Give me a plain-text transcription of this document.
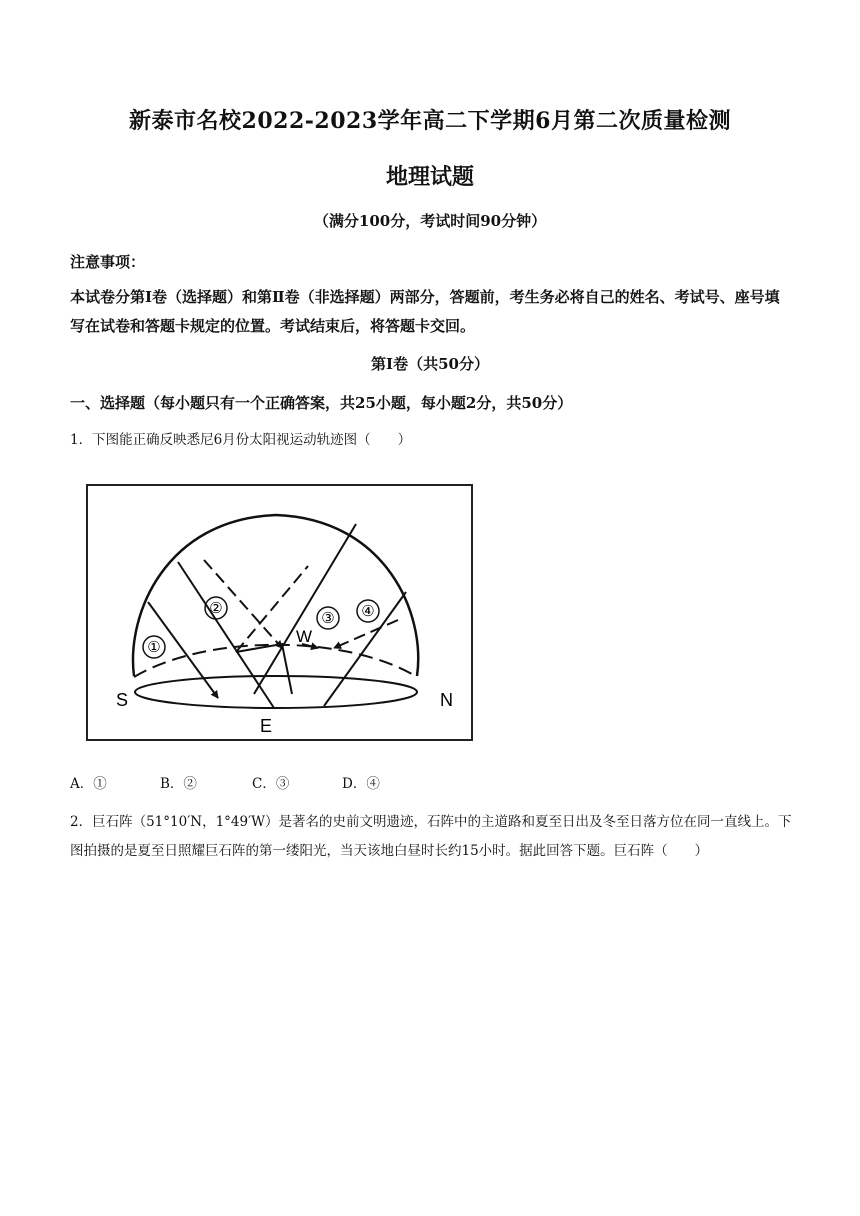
新泰市名校2022-2023学年高二下学期6月第二次质量检测
地理试题
（满分100分，考试时间90分钟）
注意事项：
本试卷分第Ⅰ卷（选择题）和第Ⅱ卷（非选择题）两部分，答题前，考生务必将自己的姓名、考试号、座号填写在试卷和答题卡规定的位置。考试结束后，将答题卡交回。
第Ⅰ卷（共50分）
一、选择题（每小题只有一个正确答案，共25小题，每小题2分，共50分）
1．下图能正确反映悉尼6月份太阳视运动轨迹图（　　）
①
②
③ ④
S	N
E
W
A．①	B．②	C．③	D．④
2．巨石阵（51°10′N，1°49′W）是著名的史前文明遗迹，石阵中的主道路和夏至日出及冬至日落方位在同一直线上。下图拍摄的是夏至日照耀巨石阵的第一缕阳光，当天该地白昼时长约15小时。据此回答下题。巨石阵（　　）
